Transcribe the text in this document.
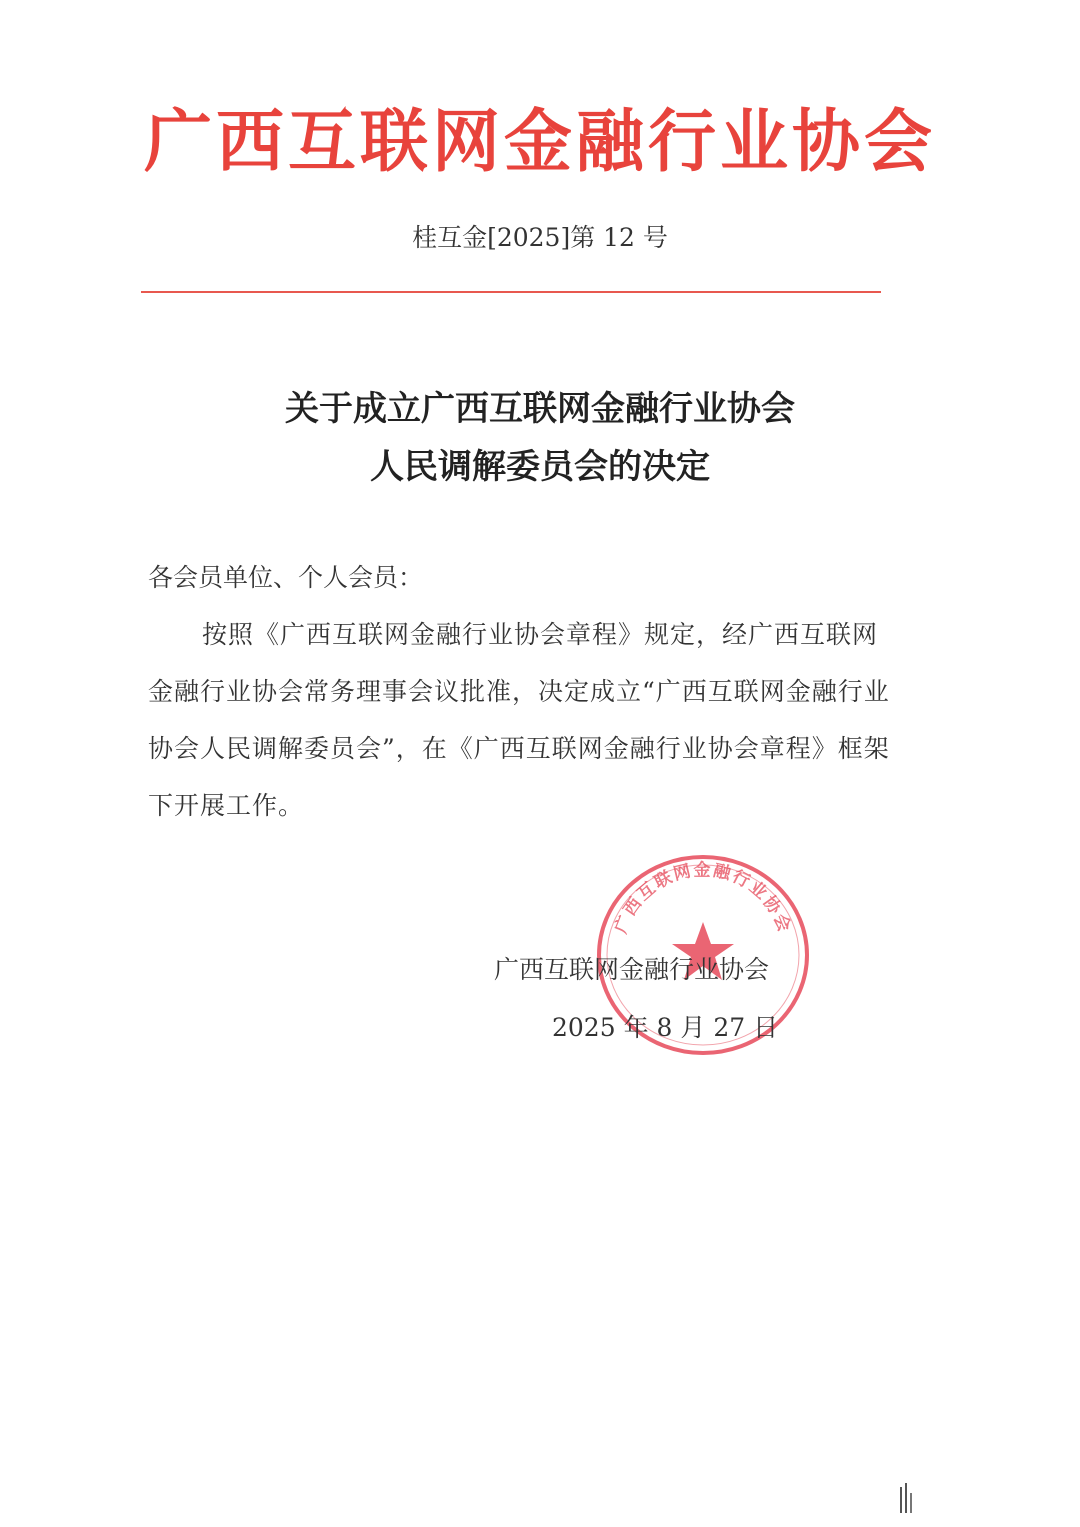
广西互联网金融行业协会
桂互金[2025]第 12 号
关于成立广西互联网金融行业协会
人民调解委员会的决定
各会员单位、个人会员：
按照《广西互联网金融行业协会章程》规定，经广西互联网金融行业协会常务理事会议批准，决定成立“广西互联网金融行业协会人民调解委员会”，在《广西互联网金融行业协会章程》框架下开展工作。
广西互联网金融行业协会
广西互联网金融行业协会
2025 年 8 月 27 日
